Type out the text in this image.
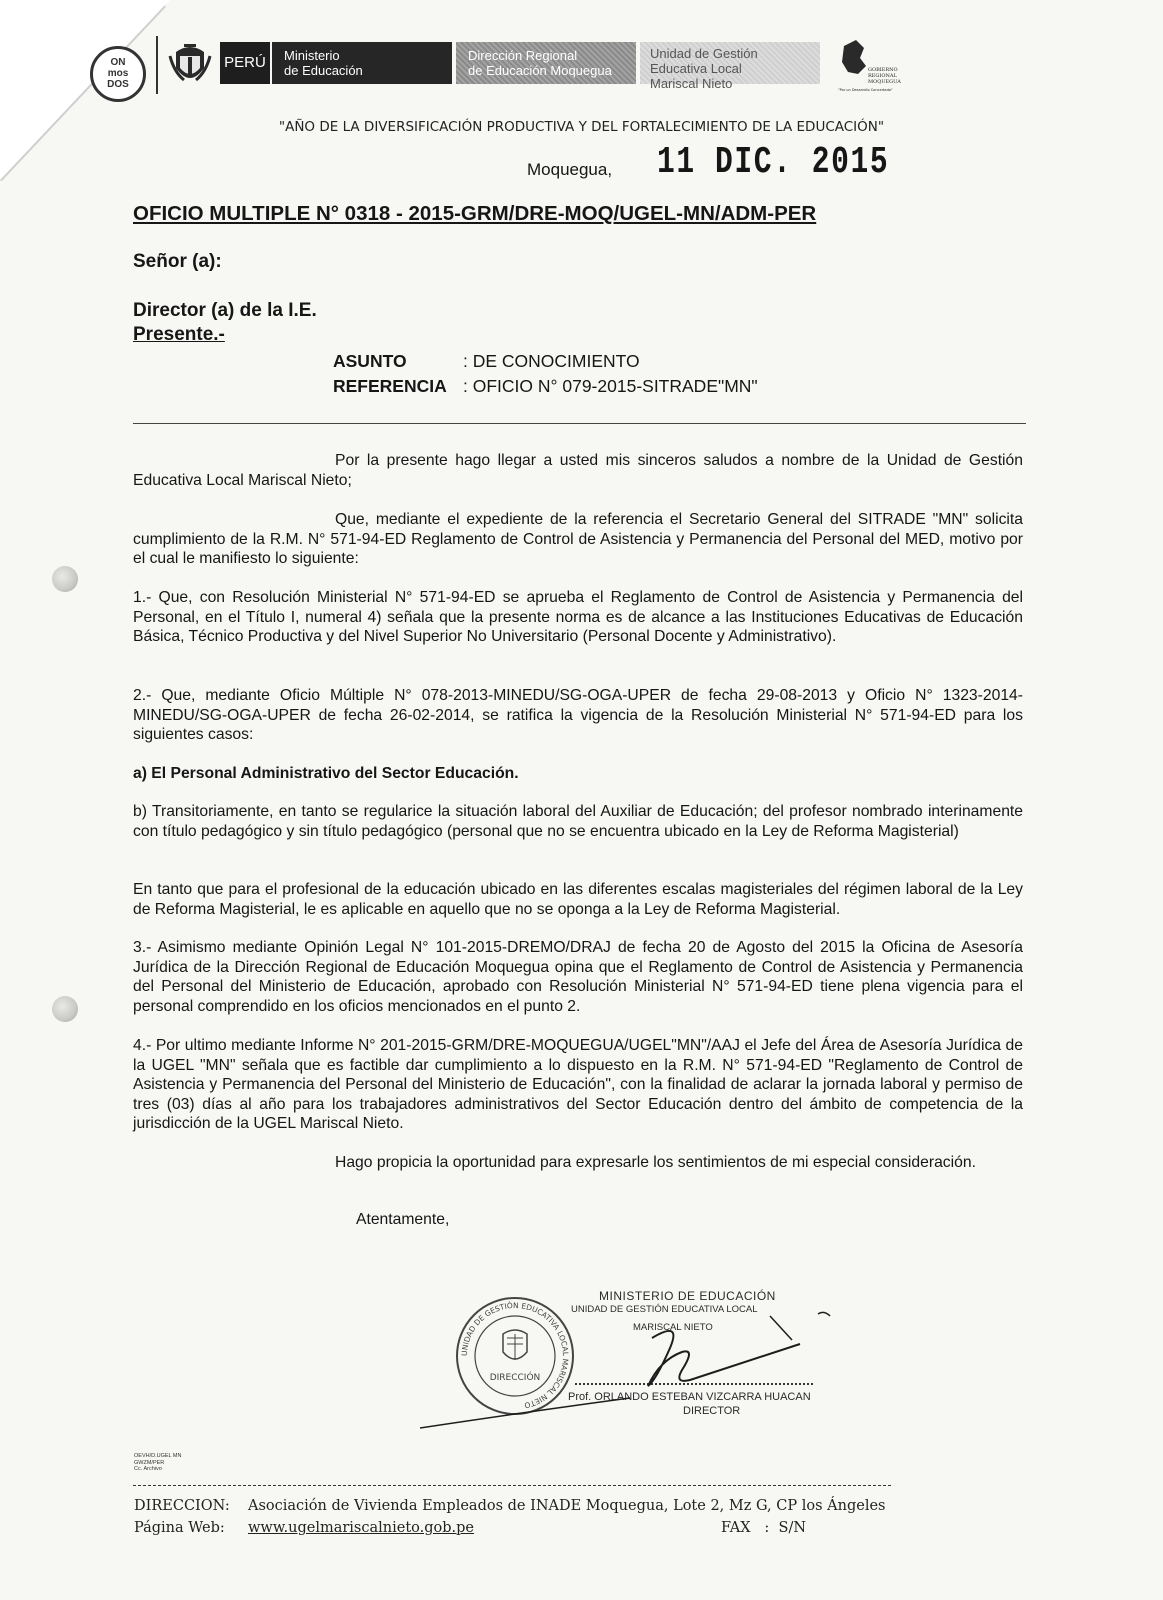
ON
mos
DOS
PERÚ	Ministerio
de Educación
Dirección Regional
de Educación Moquegua
Unidad de Gestión
Educativa Local
Mariscal Nieto
GOBIERNO
REGIONAL
MOQUEGUA
"Por un Desarrollo Concertado"
"AÑO DE LA DIVERSIFICACIÓN PRODUCTIVA Y DEL FORTALECIMIENTO DE LA EDUCACIÓN"
Moquegua, 11 DIC. 2015
OFICIO MULTIPLE N° 0318 - 2015-GRM/DRE-MOQ/UGEL-MN/ADM-PER
Señor (a):
Director (a) de la I.E.
Presente.-
ASUNTO	: DE CONOCIMIENTO
REFERENCIA : OFICIO N° 079-2015-SITRADE"MN"
Por la presente hago llegar a usted mis sinceros saludos a nombre de la Unidad de Gestión Educativa Local Mariscal Nieto;
Que, mediante el expediente de la referencia el Secretario General del SITRADE "MN" solicita cumplimiento de la R.M. N° 571-94-ED Reglamento de Control de Asistencia y Permanencia del Personal del MED, motivo por el cual le manifiesto lo siguiente:
1.- Que, con Resolución Ministerial N° 571-94-ED se aprueba el Reglamento de Control de Asistencia y Permanencia del Personal, en el Título I, numeral 4) señala que la presente norma es de alcance a las Instituciones Educativas de Educación Básica, Técnico Productiva y del Nivel Superior No Universitario (Personal Docente y Administrativo).
2.- Que, mediante Oficio Múltiple N° 078-2013-MINEDU/SG-OGA-UPER de fecha 29-08-2013 y Oficio N° 1323-2014-MINEDU/SG-OGA-UPER de fecha 26-02-2014, se ratifica la vigencia de la Resolución Ministerial N° 571-94-ED para los siguientes casos:
a) El Personal Administrativo del Sector Educación.
b) Transitoriamente, en tanto se regularice la situación laboral del Auxiliar de Educación; del profesor nombrado interinamente con título pedagógico y sin título pedagógico (personal que no se encuentra ubicado en la Ley de Reforma Magisterial)
En tanto que para el profesional de la educación ubicado en las diferentes escalas magisteriales del régimen laboral de la Ley de Reforma Magisterial, le es aplicable en aquello que no se oponga a la Ley de Reforma Magisterial.
3.- Asimismo mediante Opinión Legal N° 101-2015-DREMO/DRAJ de fecha 20 de Agosto del 2015 la Oficina de Asesoría Jurídica de la Dirección Regional de Educación Moquegua opina que el Reglamento de Control de Asistencia y Permanencia del Personal del Ministerio de Educación, aprobado con Resolución Ministerial N° 571-94-ED tiene plena vigencia para el personal comprendido en los oficios mencionados en el punto 2.
4.- Por ultimo mediante Informe N° 201-2015-GRM/DRE-MOQUEGUA/UGEL"MN"/AAJ el Jefe del Área de Asesoría Jurídica de la UGEL "MN" señala que es factible dar cumplimiento a lo dispuesto en la R.M. N° 571-94-ED "Reglamento de Control de Asistencia y Permanencia del Personal del Ministerio de Educación", con la finalidad de aclarar la jornada laboral y permiso de tres (03) días al año para los trabajadores administrativos del Sector Educación dentro del ámbito de competencia de la jurisdicción de la UGEL Mariscal Nieto.
Hago propicia la oportunidad para expresarle los sentimientos de mi especial consideración.
Atentamente,
UNIDAD DE GESTIÓN EDUCATIVA LOCAL MARISCAL NIETO
DIRECCIÓN
MINISTERIO DE EDUCACIÓN
UNIDAD DE GESTIÓN EDUCATIVA LOCAL
MARISCAL NIETO
Prof. ORLANDO ESTEBAN VIZCARRA HUACAN
DIRECTOR
OEVH/D.UGEL MN
GWZM/PER
Cc. Archivo
DIRECCION: Asociación de Vivienda Empleados de INADE Moquegua, Lote 2, Mz G, CP los Ángeles
Página Web: www.ugelmariscalnieto.gob.pe	FAX   :  S/N
